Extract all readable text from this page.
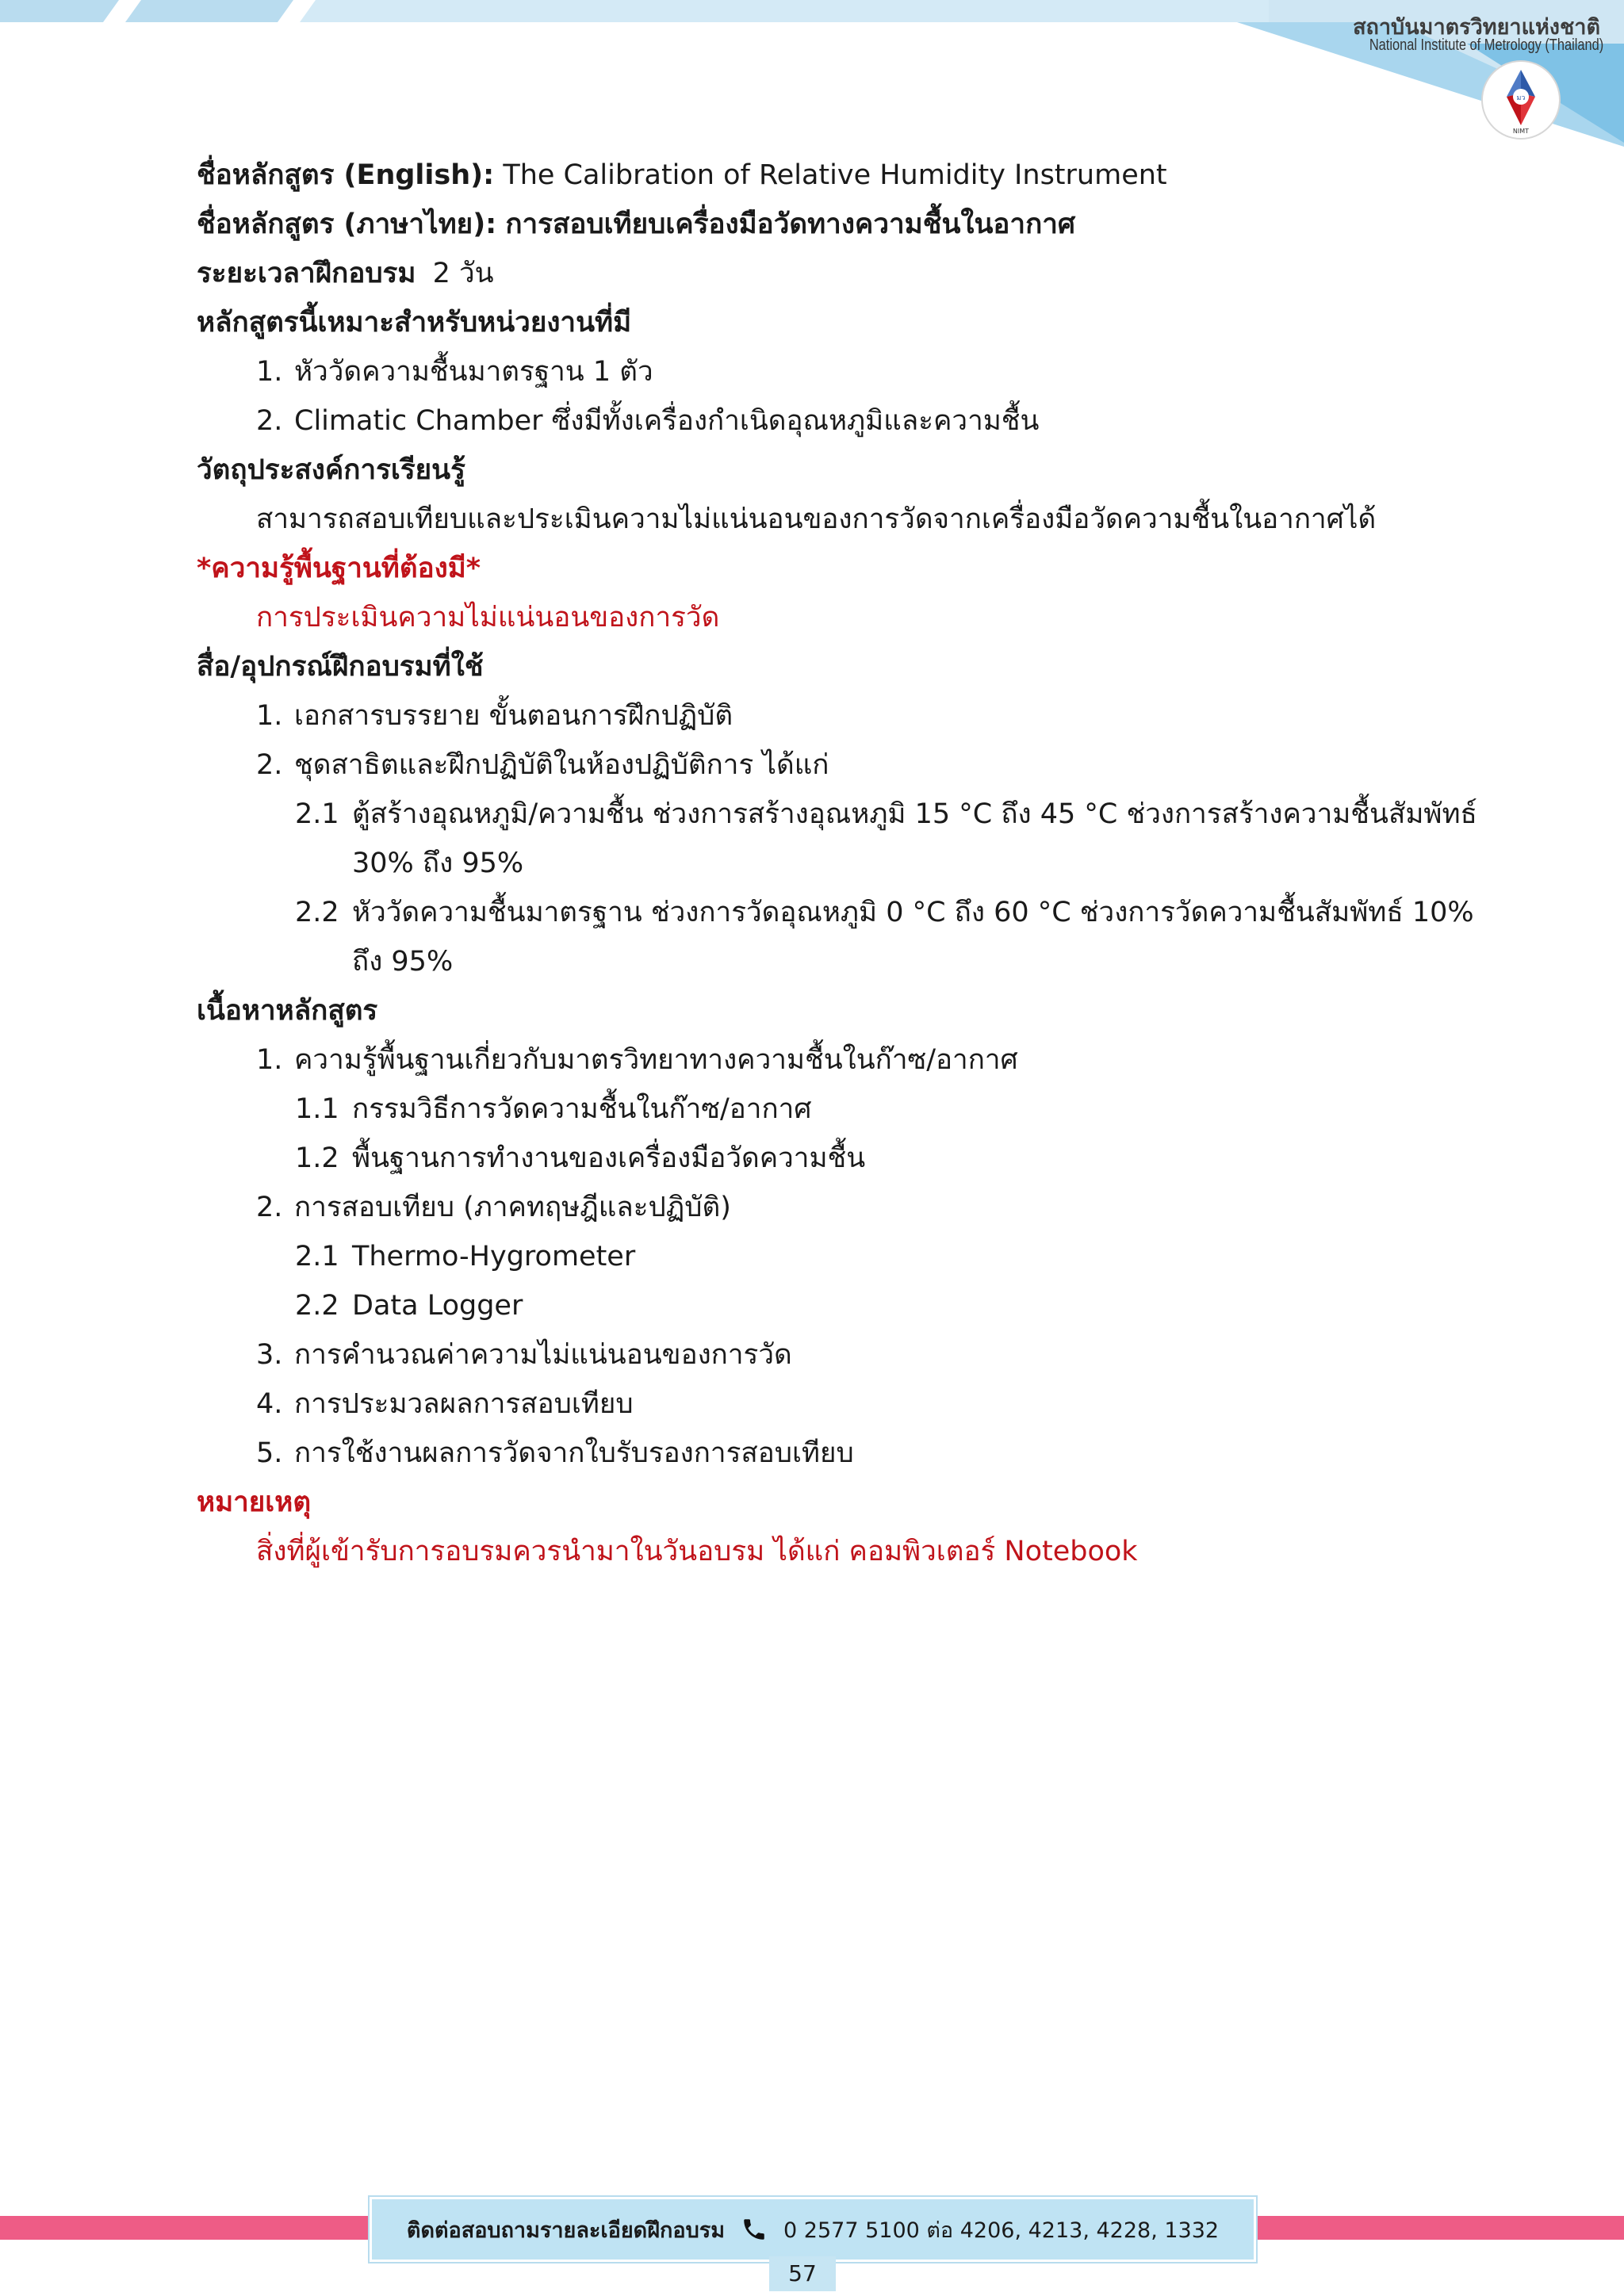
สถาบันมาตรวิทยาแห่งชาติ
National Institute of Metrology (Thailand)
มว
NIMT
ชื่อหลักสูตร (English): The Calibration of Relative Humidity Instrument
ชื่อหลักสูตร (ภาษาไทย): การสอบเทียบเครื่องมือวัดทางความชื้นในอากาศ
ระยะเวลาฝึกอบรม 2 วัน
หลักสูตรนี้เหมาะสำหรับหน่วยงานที่มี
1. หัววัดความชื้นมาตรฐาน 1 ตัว
2. Climatic Chamber ซึ่งมีทั้งเครื่องกำเนิดอุณหภูมิและความชื้น
วัตถุประสงค์การเรียนรู้
สามารถสอบเทียบและประเมินความไม่แน่นอนของการวัดจากเครื่องมือวัดความชื้นในอากาศได้
*ความรู้พื้นฐานที่ต้องมี*
การประเมินความไม่แน่นอนของการวัด
สื่อ/อุปกรณ์ฝึกอบรมที่ใช้
1. เอกสารบรรยาย ขั้นตอนการฝึกปฏิบัติ
2. ชุดสาธิตและฝึกปฏิบัติในห้องปฏิบัติการ ได้แก่
2.1 ตู้สร้างอุณหภูมิ/ความชื้น ช่วงการสร้างอุณหภูมิ 15 °C ถึง 45 °C ช่วงการสร้างความชื้นสัมพัทธ์
30% ถึง 95%
2.2 หัววัดความชื้นมาตรฐาน ช่วงการวัดอุณหภูมิ 0 °C ถึง 60 °C ช่วงการวัดความชื้นสัมพัทธ์ 10%
ถึง 95%
เนื้อหาหลักสูตร
1. ความรู้พื้นฐานเกี่ยวกับมาตรวิทยาทางความชื้นในก๊าซ/อากาศ
1.1 กรรมวิธีการวัดความชื้นในก๊าซ/อากาศ
1.2 พื้นฐานการทำงานของเครื่องมือวัดความชื้น
2. การสอบเทียบ (ภาคทฤษฎีและปฏิบัติ)
2.1 Thermo-Hygrometer
2.2 Data Logger
3. การคำนวณค่าความไม่แน่นอนของการวัด
4. การประมวลผลการสอบเทียบ
5. การใช้งานผลการวัดจากใบรับรองการสอบเทียบ
หมายเหตุ
สิ่งที่ผู้เข้ารับการอบรมควรนำมาในวันอบรม ได้แก่ คอมพิวเตอร์ Notebook
ติดต่อสอบถามรายละเอียดฝึกอบรม	0 2577 5100 ต่อ 4206, 4213, 4228, 1332
57
